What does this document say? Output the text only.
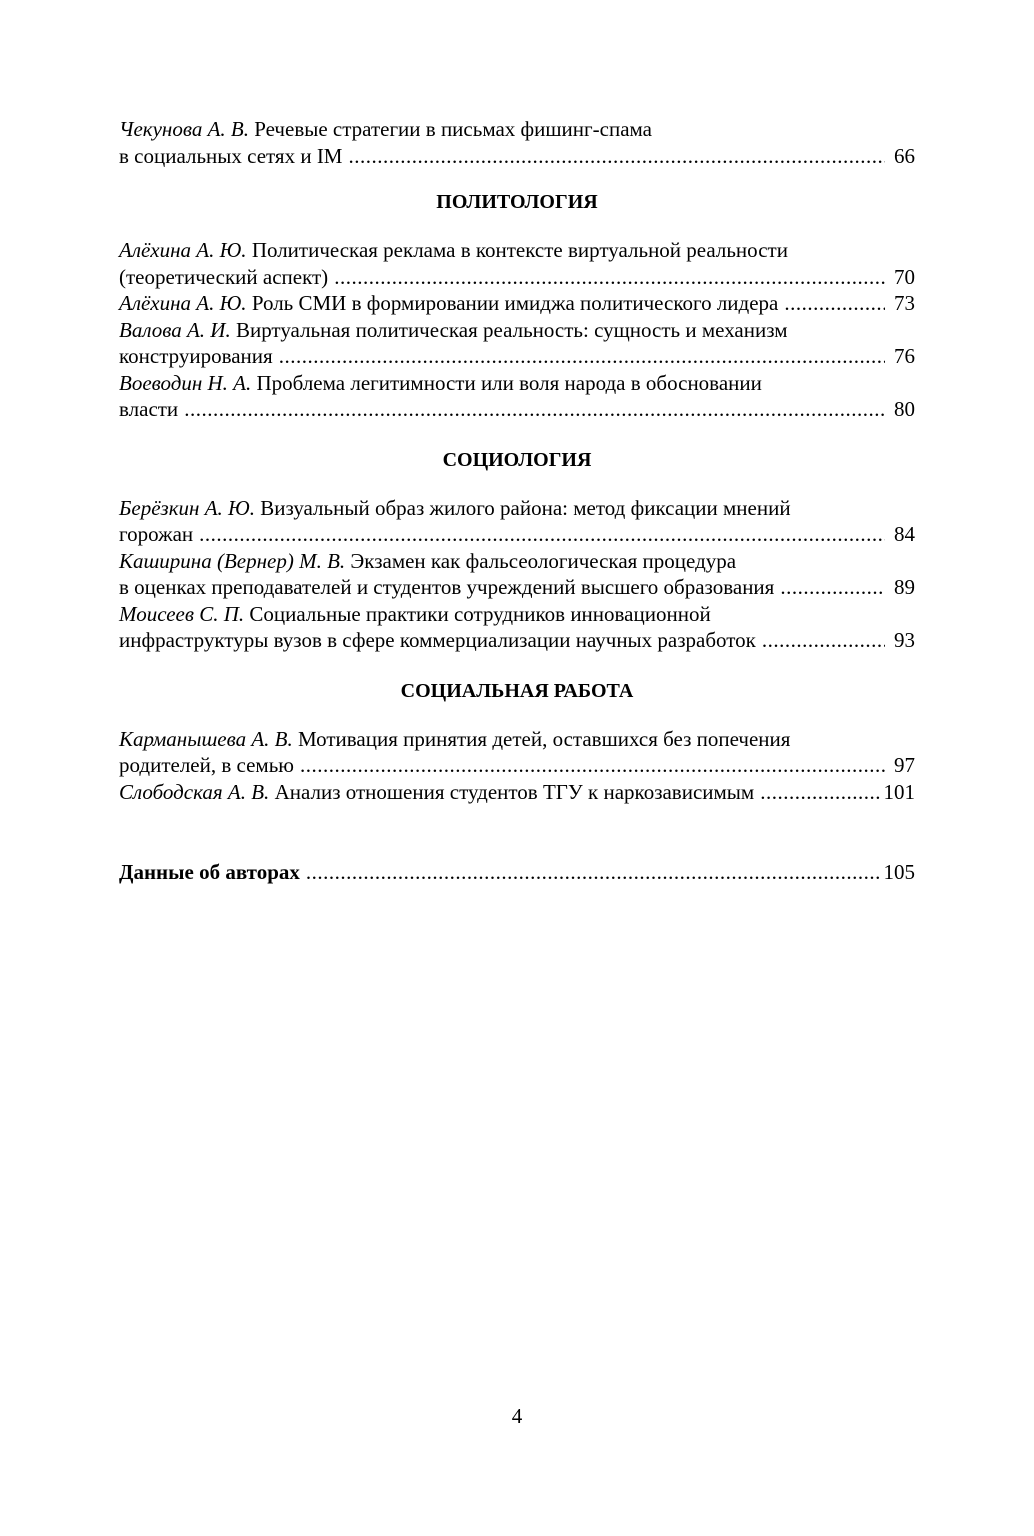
Чекунова А. В. Речевые стратегии в письмах фишинг-спама
в социальных сетях и IM .....	66
ПОЛИТОЛОГИЯ
Алёхина А. Ю. Политическая реклама в контексте виртуальной реальности
(теоретический аспект) .....	70
Алёхина А. Ю. Роль СМИ в формировании имиджа политического лидера .....	73
Валова А. И. Виртуальная политическая реальность: сущность и механизм
конструирования .....	76
Воеводин Н. А. Проблема легитимности или воля народа в обосновании
власти .....	80
СОЦИОЛОГИЯ
Берёзкин А. Ю. Визуальный образ жилого района: метод фиксации мнений
горожан .....	84
Каширина (Вернер) М. В. Экзамен как фальсеологическая процедура
в оценках преподавателей и студентов учреждений высшего образования .....	89
Моисеев С. П. Социальные практики сотрудников инновационной
инфраструктуры вузов в сфере коммерциализации научных разработок .....	93
СОЦИАЛЬНАЯ РАБОТА
Карманышева А. В. Мотивация принятия детей, оставшихся без попечения
родителей, в семью .....	97
Слободская А. В. Анализ отношения студентов ТГУ к наркозависимым .....	101
Данные об авторах .....	105
4
